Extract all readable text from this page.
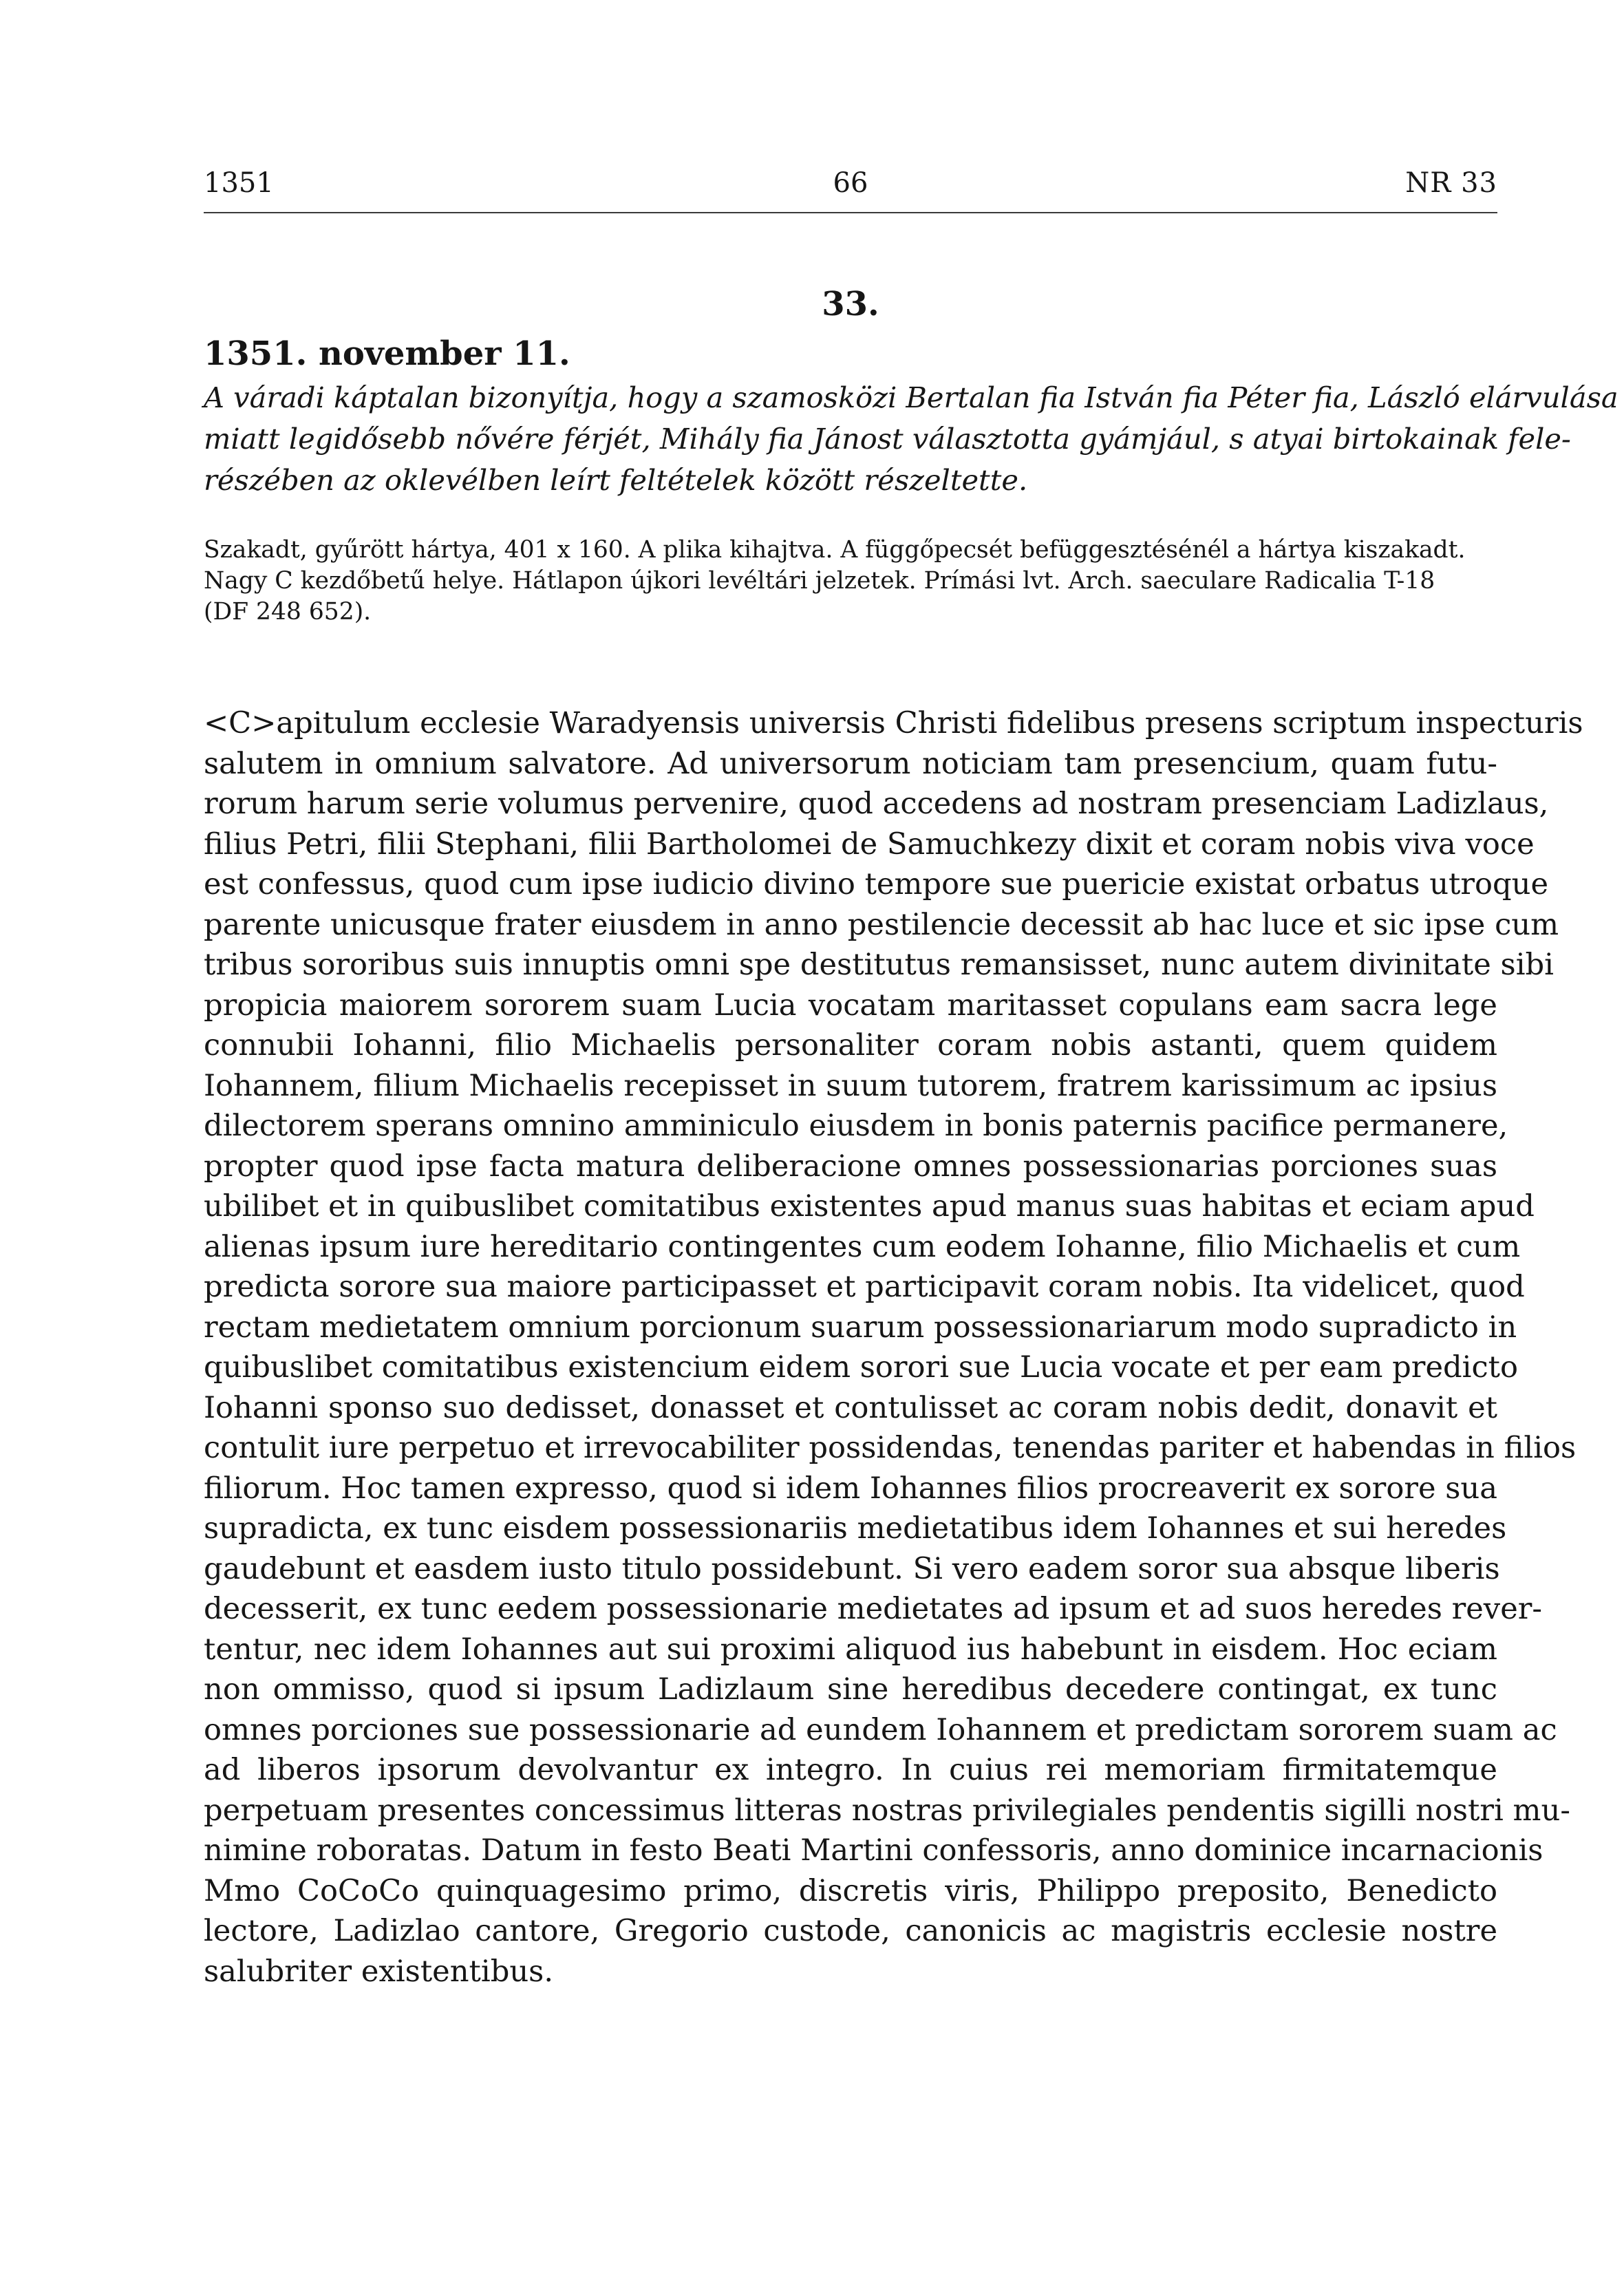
1351	66	NR 33
33.
1351. november 11.
A váradi káptalan bizonyítja, hogy a szamosközi Bertalan fia István fia Péter fia, László elárvulása
miatt legidősebb nővére férjét, Mihály fia Jánost választotta gyámjául, s atyai birtokainak fele-
részében az oklevélben leírt feltételek között részeltette.
Szakadt, gyűrött hártya, 401 x 160. A plika kihajtva. A függőpecsét befüggesztésénél a hártya kiszakadt.
Nagy C kezdőbetű helye. Hátlapon újkori levéltári jelzetek. Prímási lvt. Arch. saeculare Radicalia T-18
(DF 248 652).
<C>apitulum ecclesie Waradyensis universis Christi fidelibus presens scriptum inspecturis
salutem in omnium salvatore. Ad universorum noticiam tam presencium, quam futu-
rorum harum serie volumus pervenire, quod accedens ad nostram presenciam Ladizlaus,
filius Petri, filii Stephani, filii Bartholomei de Samuchkezy dixit et coram nobis viva voce
est confessus, quod cum ipse iudicio divino tempore sue puericie existat orbatus utroque
parente unicusque frater eiusdem in anno pestilencie decessit ab hac luce et sic ipse cum
tribus sororibus suis innuptis omni spe destitutus remansisset, nunc autem divinitate sibi
propicia maiorem sororem suam Lucia vocatam maritasset copulans eam sacra lege
connubii Iohanni, filio Michaelis personaliter coram nobis astanti, quem quidem
Iohannem, filium Michaelis recepisset in suum tutorem, fratrem karissimum ac ipsius
dilectorem sperans omnino amminiculo eiusdem in bonis paternis pacifice permanere,
propter quod ipse facta matura deliberacione omnes possessionarias porciones suas
ubilibet et in quibuslibet comitatibus existentes apud manus suas habitas et eciam apud
alienas ipsum iure hereditario contingentes cum eodem Iohanne, filio Michaelis et cum
predicta sorore sua maiore participasset et participavit coram nobis. Ita videlicet, quod
rectam medietatem omnium porcionum suarum possessionariarum modo supradicto in
quibuslibet comitatibus existencium eidem sorori sue Lucia vocate et per eam predicto
Iohanni sponso suo dedisset, donasset et contulisset ac coram nobis dedit, donavit et
contulit iure perpetuo et irrevocabiliter possidendas, tenendas pariter et habendas in filios
filiorum. Hoc tamen expresso, quod si idem Iohannes filios procreaverit ex sorore sua
supradicta, ex tunc eisdem possessionariis medietatibus idem Iohannes et sui heredes
gaudebunt et easdem iusto titulo possidebunt. Si vero eadem soror sua absque liberis
decesserit, ex tunc eedem possessionarie medietates ad ipsum et ad suos heredes rever-
tentur, nec idem Iohannes aut sui proximi aliquod ius habebunt in eisdem. Hoc eciam
non ommisso, quod si ipsum Ladizlaum sine heredibus decedere contingat, ex tunc
omnes porciones sue possessionarie ad eundem Iohannem et predictam sororem suam ac
ad liberos ipsorum devolvantur ex integro. In cuius rei memoriam firmitatemque
perpetuam presentes concessimus litteras nostras privilegiales pendentis sigilli nostri mu-
nimine roboratas. Datum in festo Beati Martini confessoris, anno dominice incarnacionis
Mmo CoCoCo quinquagesimo primo, discretis viris, Philippo preposito, Benedicto
lectore, Ladizlao cantore, Gregorio custode, canonicis ac magistris ecclesie nostre
salubriter existentibus.
